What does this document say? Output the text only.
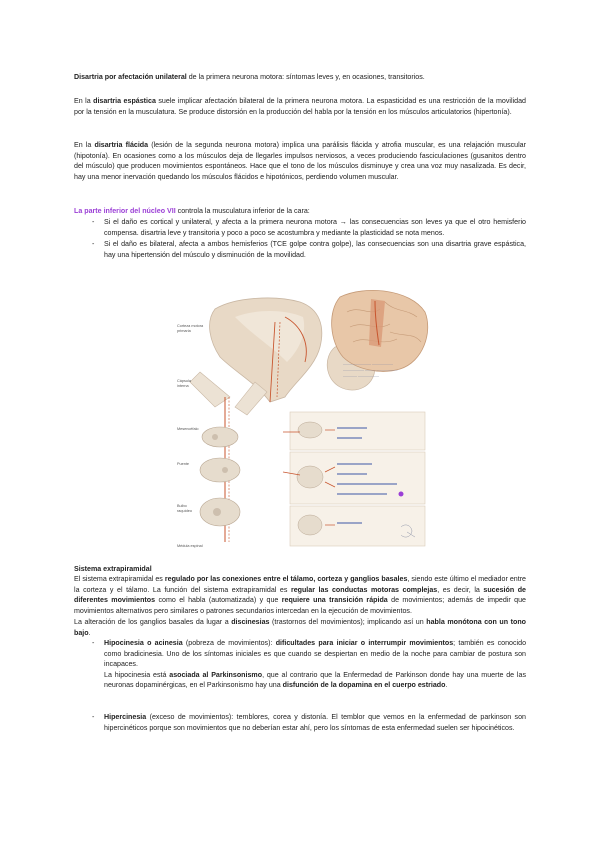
Disartria por afectación unilateral de la primera neurona motora: síntomas leves y, en ocasiones, transitorios.

En la disartria espástica suele implicar afectación bilateral de la primera neurona motora. La espasticidad es una restricción de la movilidad por la tensión en la musculatura. Se produce distorsión en la producción del habla por la tensión en los músculos articulatorios (hipertonía).

En la disartria flácida (lesión de la segunda neurona motora) implica una parálisis flácida y atrofia muscular, es una relajación muscular (hipotonía). En ocasiones como a los músculos deja de llegarles impulsos nerviosos, a veces produciendo fasciculaciones (gusanitos dentro del músculo) que producen movimientos espontáneos. Hace que el tono de los músculos disminuye y crea una voz muy nasalizada. Es decir, hay una menor inervación quedando los músculos flácidos e hipotónicos, perdiendo volumen muscular.

La parte inferior del núcleo VII controla la musculatura inferior de la cara:

- Si el daño es cortical y unilateral, y afecta a la primera neurona motora → las consecuencias son leves ya que el otro hemisferio compensa. disartria leve y transitoria y poco a poco se acostumbra y mediante la plasticidad se nota menos.
- Si el daño es bilateral, afecta a ambos hemisferios (TCE golpe contra golpe), las consecuencias son una disartria grave espástica, hay una hipertensión del músculo y disminución de la movilidad.
Corteza motora
primaria
Cápsula
interna
Mesencéfalo
Puente
Bulbo
raquídeo
Médula espinal
———————— ——————
—————— ——— ——————
———— ——————

Sistema extrapiramidal

El sistema extrapiramidal es regulado por las conexiones entre el tálamo, corteza y ganglios basales, siendo este último el mediador entre la corteza y el tálamo. La función del sistema extrapiramidal es regular las conductas motoras complejas, es decir, la sucesión de diferentes movimientos como el habla (automatizada) y que requiere una transición rápida de movimientos; además de impedir que movimientos alternativos pero similares o patrones secundarios intercedan en la ejecución de movimientos.

La alteración de los ganglios basales da lugar a discinesias (trastornos del movimientos); implicando así un habla monótona con un tono bajo.

- Hipocinesia o acinesia (pobreza de movimientos): dificultades para iniciar o interrumpir movimientos; también es conocido como bradicinesia. Uno de los síntomas iniciales es que cuando se despiertan en medio de la noche para cambiar de postura son incapaces.
La hipocinesia está asociada al Parkinsonismo, que al contrario que la Enfermedad de Parkinson donde hay una muerte de las neuronas dopaminérgicas, en el Parkinsonismo hay una disfunción de la dopamina en el cuerpo estriado.
- Hipercinesia (exceso de movimientos): temblores, corea y distonía. El temblor que vemos en la enfermedad de parkinson son hipercinéticos porque son movimientos que no deberían estar ahí, pero los síntomas de esta enfermedad suelen ser hipocinéticos.
